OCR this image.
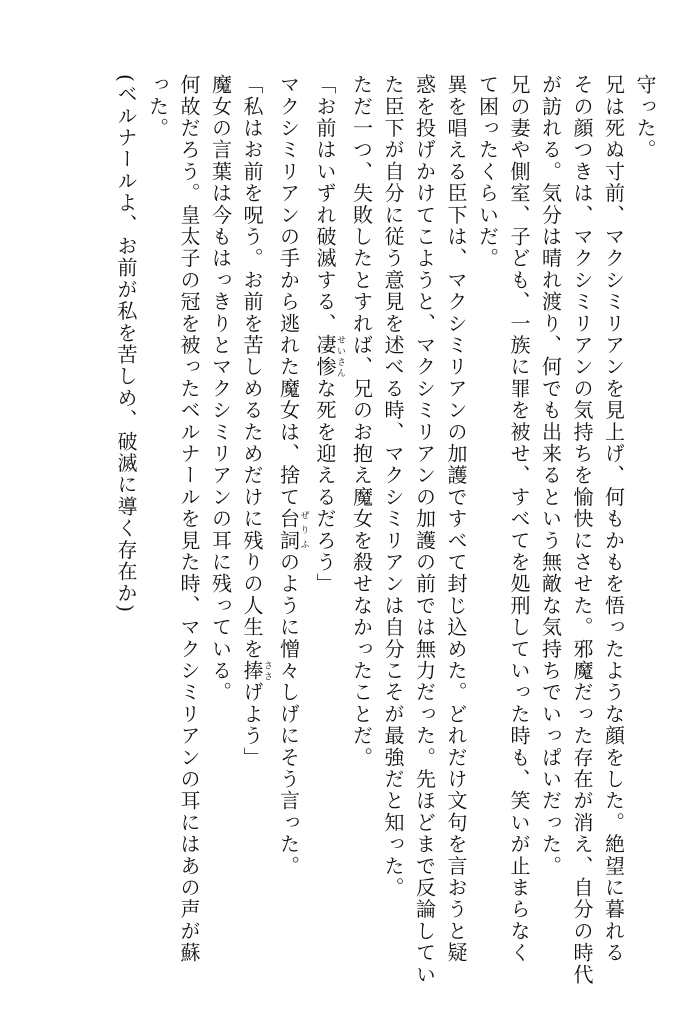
守った。
兄は死ぬ寸前、マクシミリアンを見上げ、何もかもを悟ったような顔をした。絶望に暮れる
その顔つきは、マクシミリアンの気持ちを愉快にさせた。邪魔だった存在が消え、自分の時代
が訪れる。気分は晴れ渡り、何でも出来るという無敵な気持ちでいっぱいだった。
兄の妻や側室、子ども、一族に罪を被せ、すべてを処刑していった時も、笑いが止まらなく
て困ったくらいだ。
異を唱える臣下は、マクシミリアンの加護ですべて封じ込めた。どれだけ文句を言おうと疑
惑を投げかけてこようと、マクシミリアンの加護の前では無力だった。先ほどまで反論してい
た臣下が自分に従う意見を述べる時、マクシミリアンは自分こそが最強だと知った。
ただ一つ、失敗したとすれば、兄のお抱え魔女を殺せなかったことだ。
「お前はいずれ破滅する、凄惨せいさんな死を迎えるだろう」
マクシミリアンの手から逃れた魔女は、捨て台詞ぜりふのように憎々しげにそう言った。
「私はお前を呪う。お前を苦しめるためだけに残りの人生を捧ささげよう」
魔女の言葉は今もはっきりとマクシミリアンの耳に残っている。
何故だろう。皇太子の冠を被ったベルナールを見た時、マクシミリアンの耳にはあの声が蘇
った。
(ベルナールよ、お前が私を苦しめ、破滅に導く存在か)
